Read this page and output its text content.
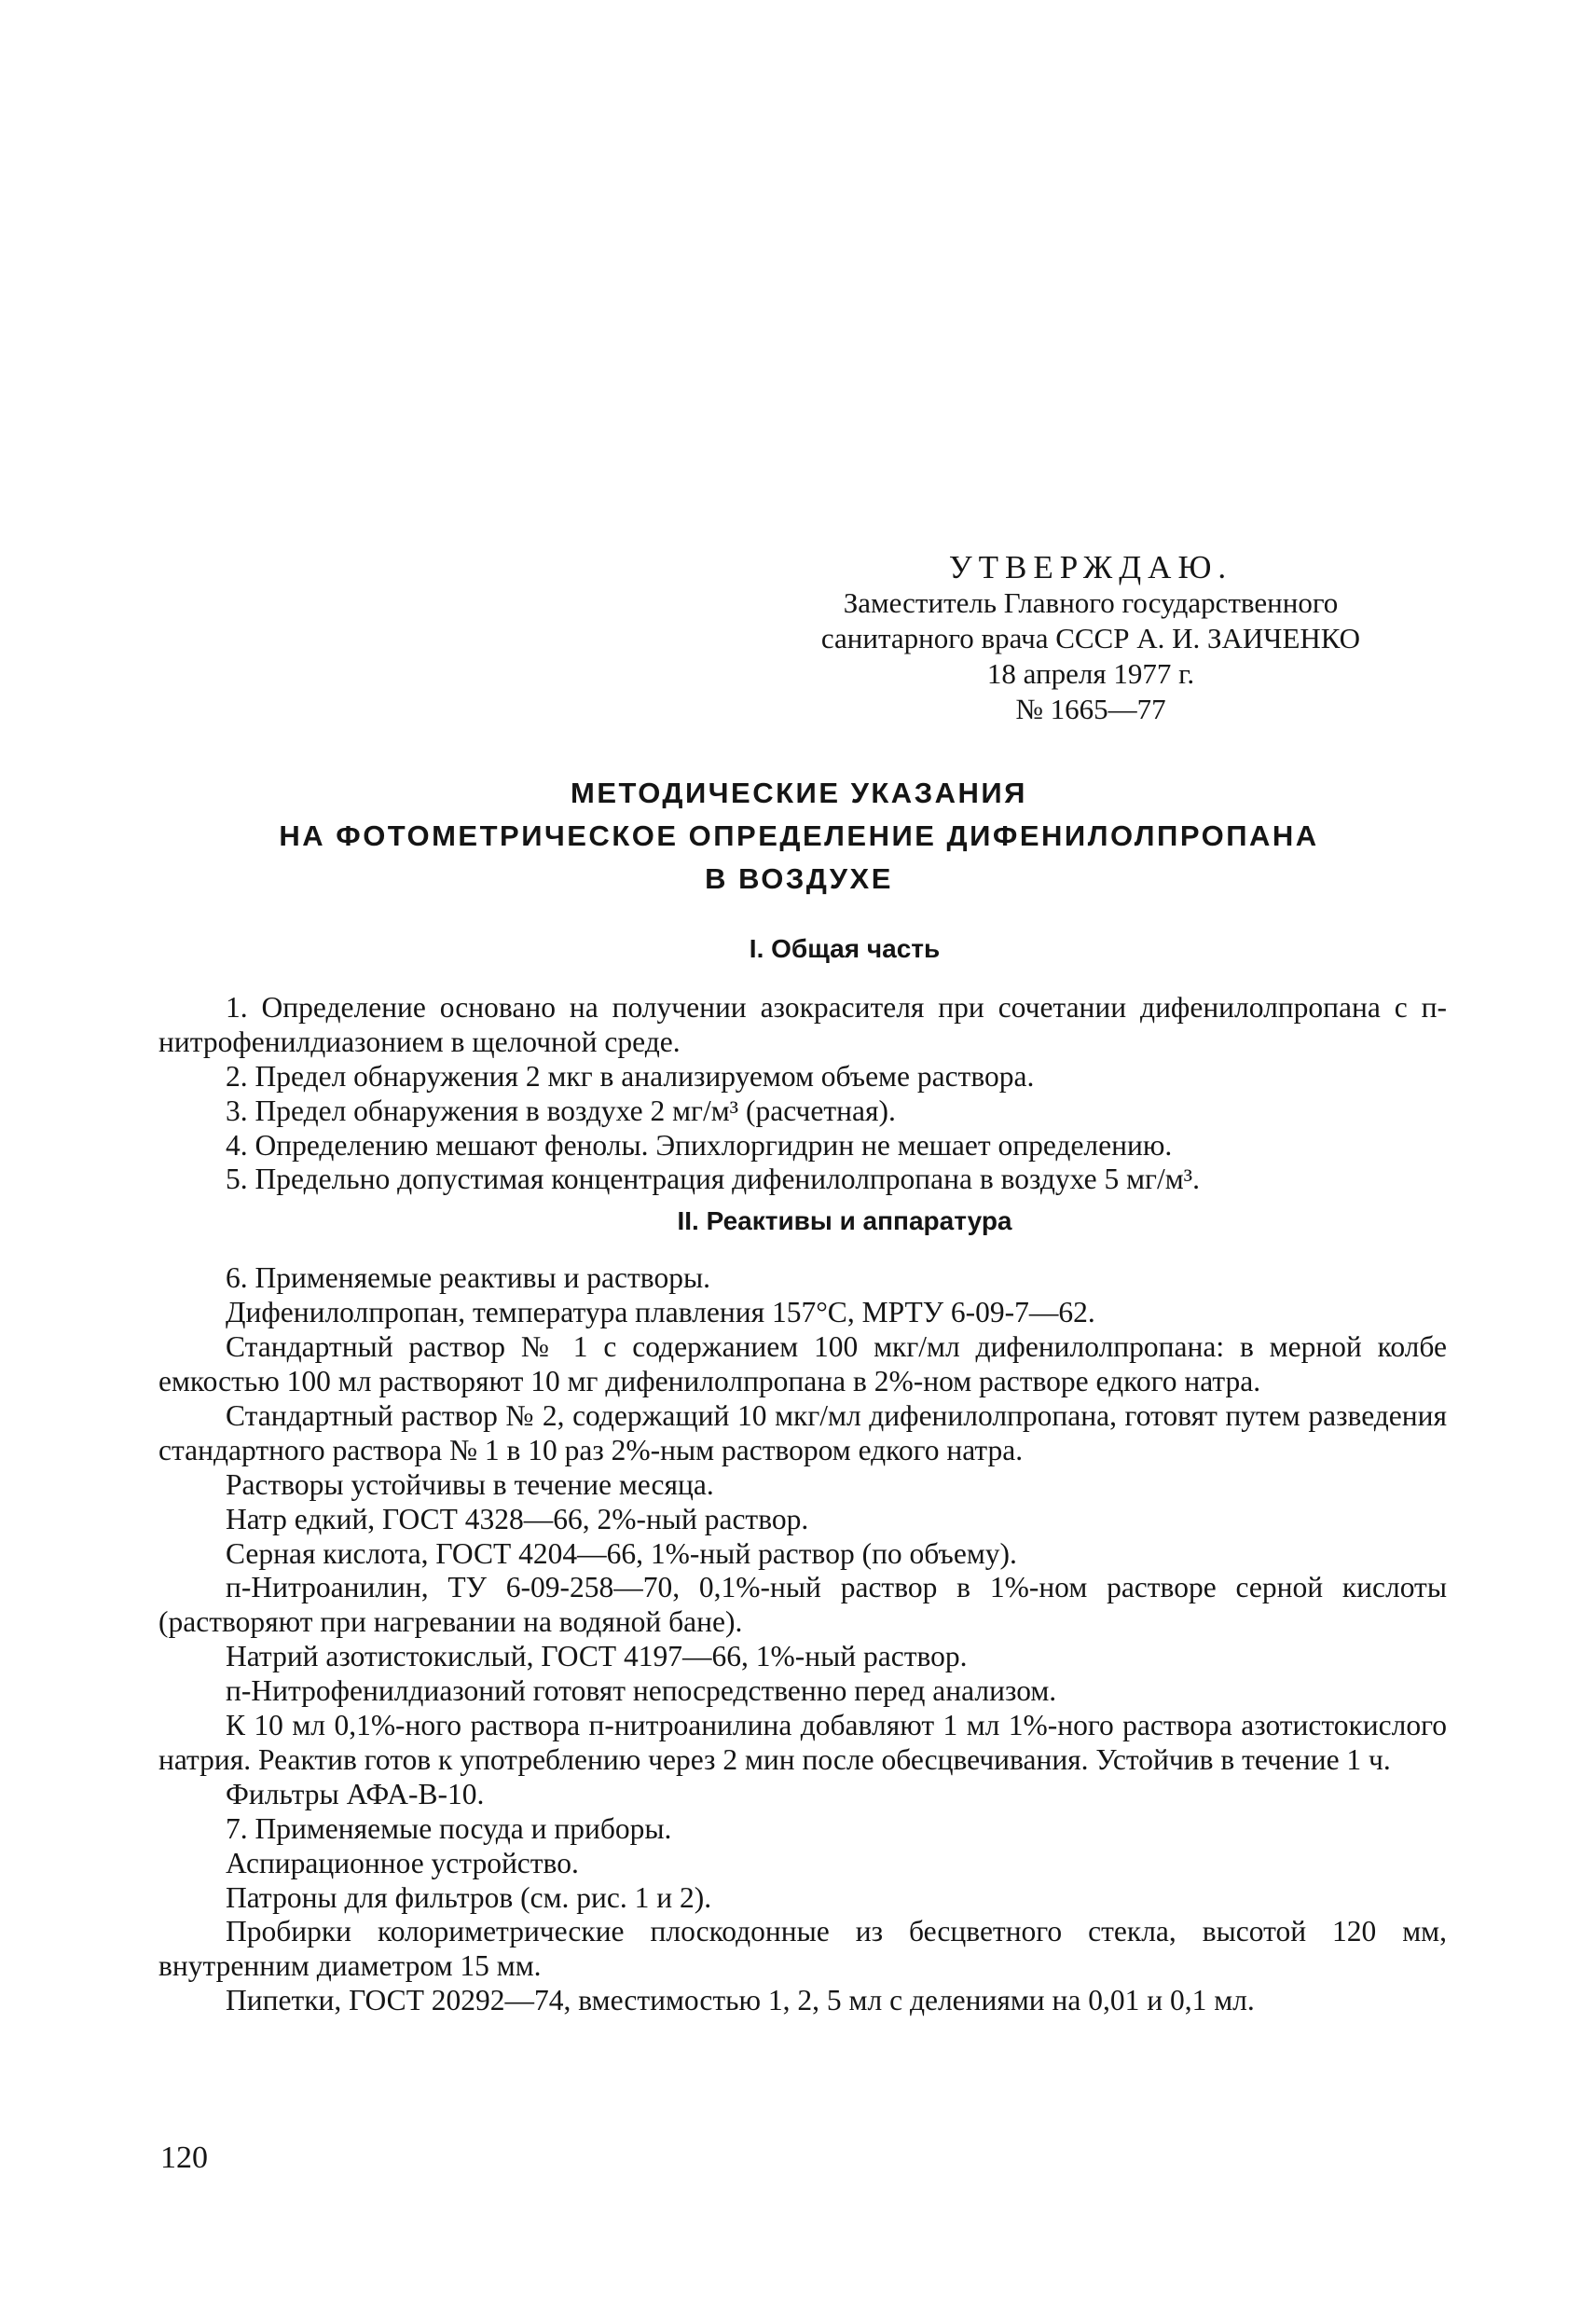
УТВЕРЖДАЮ.
Заместитель Главного государственного
санитарного врача СССР А. И. ЗАИЧЕНКО
18 апреля 1977 г.
№ 1665—77
МЕТОДИЧЕСКИЕ УКАЗАНИЯ
НА ФОТОМЕТРИЧЕСКОЕ ОПРЕДЕЛЕНИЕ ДИФЕНИЛОЛПРОПАНА
В ВОЗДУХЕ
I. Общая часть

1. Определение основано на получении азокрасителя при сочетании дифенилолпропана с п-нитрофенилдиазонием в щелочной среде.

2. Предел обнаружения 2 мкг в анализируемом объеме раствора.

3. Предел обнаружения в воздухе 2 мг/м³ (расчетная).

4. Определению мешают фенолы. Эпихлоргидрин не мешает определению.

5. Предельно допустимая концентрация дифенилолпропана в воздухе 5 мг/м³.

II. Реактивы и аппаратура

6. Применяемые реактивы и растворы.

Дифенилолпропан, температура плавления 157°С, МРТУ 6-09-7—62.

Стандартный раствор № 1 с содержанием 100 мкг/мл дифенилолпропана: в мерной колбе емкостью 100 мл растворяют 10 мг дифенилолпропана в 2%-ном растворе едкого натра.

Стандартный раствор № 2, содержащий 10 мкг/мл дифенилолпропана, готовят путем разведения стандартного раствора № 1 в 10 раз 2%-ным раствором едкого натра.

Растворы устойчивы в течение месяца.

Натр едкий, ГОСТ 4328—66, 2%-ный раствор.

Серная кислота, ГОСТ 4204—66, 1%-ный раствор (по объему).

п-Нитроанилин, ТУ 6-09-258—70, 0,1%-ный раствор в 1%-ном растворе серной кислоты (растворяют при нагревании на водяной бане).

Натрий азотистокислый, ГОСТ 4197—66, 1%-ный раствор.

п-Нитрофенилдиазоний готовят непосредственно перед анализом.

К 10 мл 0,1%-ного раствора п-нитроанилина добавляют 1 мл 1%-ного раствора азотистокислого натрия. Реактив готов к употреблению через 2 мин после обесцвечивания. Устойчив в течение 1 ч.

Фильтры АФА-В-10.

7. Применяемые посуда и приборы.

Аспирационное устройство.

Патроны для фильтров (см. рис. 1 и 2).

Пробирки колориметрические плоскодонные из бесцветного стекла, высотой 120 мм, внутренним диаметром 15 мм.

Пипетки, ГОСТ 20292—74, вместимостью 1, 2, 5 мл с делениями на 0,01 и 0,1 мл.

120
